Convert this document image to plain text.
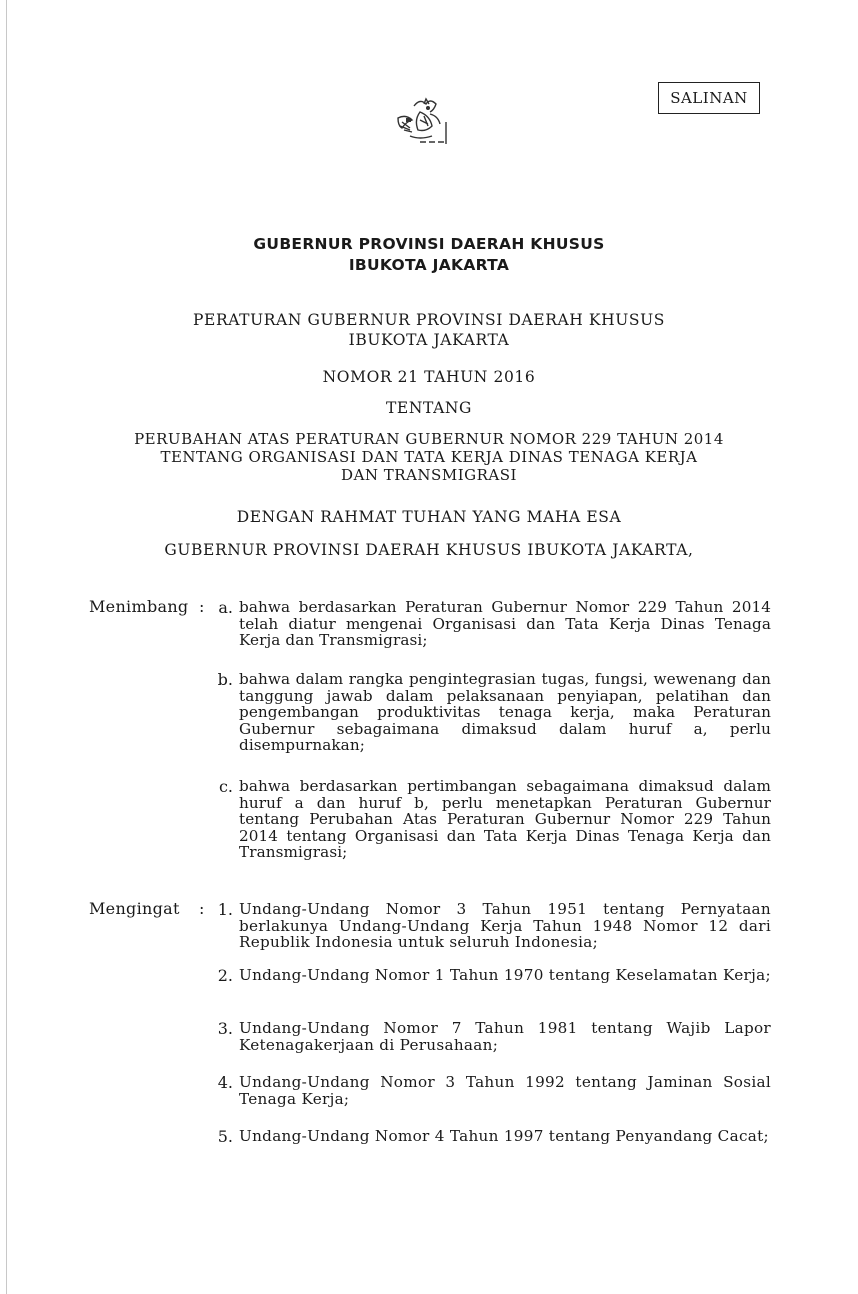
SALINAN
GUBERNUR PROVINSI DAERAH KHUSUS
IBUKOTA JAKARTA
PERATURAN GUBERNUR PROVINSI DAERAH KHUSUS
IBUKOTA JAKARTA
NOMOR 21 TAHUN 2016
TENTANG
PERUBAHAN ATAS PERATURAN GUBERNUR NOMOR 229 TAHUN 2014
TENTANG ORGANISASI DAN TATA KERJA DINAS TENAGA KERJA
DAN TRANSMIGRASI
DENGAN RAHMAT TUHAN YANG MAHA ESA
GUBERNUR PROVINSI DAERAH KHUSUS IBUKOTA JAKARTA,
Menimbang : a. bahwa berdasarkan Peraturan Gubernur Nomor 229 Tahun 2014 telah diatur mengenai Organisasi dan Tata Kerja Dinas Tenaga Kerja dan Transmigrasi;
b. bahwa dalam rangka pengintegrasian tugas, fungsi, wewenang dan tanggung jawab dalam pelaksanaan penyiapan, pelatihan dan pengembangan produktivitas tenaga kerja, maka Peraturan Gubernur sebagaimana dimaksud dalam huruf a, perlu disempurnakan;
c. bahwa berdasarkan pertimbangan sebagaimana dimaksud dalam huruf a dan huruf b, perlu menetapkan Peraturan Gubernur tentang Perubahan Atas Peraturan Gubernur Nomor 229 Tahun 2014 tentang Organisasi dan Tata Kerja Dinas Tenaga Kerja dan Transmigrasi;
Mengingat : 1. Undang-Undang Nomor 3 Tahun 1951 tentang Pernyataan berlakunya Undang-Undang Kerja Tahun 1948 Nomor 12 dari Republik Indonesia untuk seluruh Indonesia;
2. Undang-Undang Nomor 1 Tahun 1970 tentang Keselamatan Kerja;
3. Undang-Undang Nomor 7 Tahun 1981 tentang Wajib Lapor Ketenagakerjaan di Perusahaan;
4. Undang-Undang Nomor 3 Tahun 1992 tentang Jaminan Sosial Tenaga Kerja;
5. Undang-Undang Nomor 4 Tahun 1997 tentang Penyandang Cacat;
